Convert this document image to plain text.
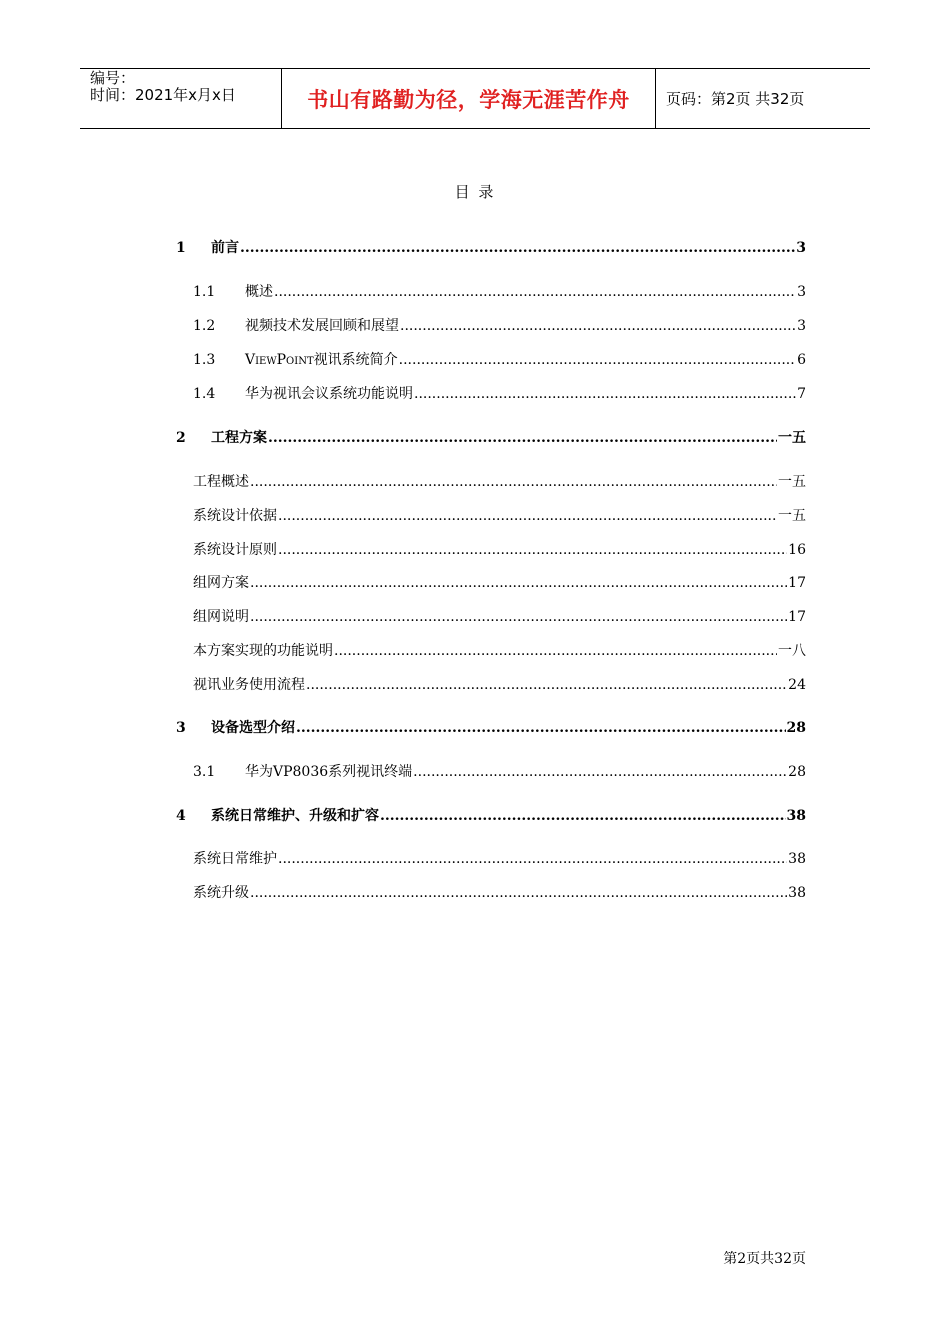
编号：
时间：2021年x月x日	书山有路勤为径，学海无涯苦作舟	页码：第2页 共32页
目 录
1	前言 .....	3
1.1	概述 .....	3
1.2	视频技术发展回顾和展望 .....	3
1.3	ViewPoint视讯系统简介 .....	6
1.4	华为视讯会议系统功能说明 .....	7
2	工程方案 .....	一五
工程概述 .....	一五
系统设计依据 .....	一五
系统设计原则 .....	16
组网方案 .....	17
组网说明 .....	17
本方案实现的功能说明 .....	一八
视讯业务使用流程 .....	24
3	设备选型介绍 .....	28
3.1	华为VP8036系列视讯终端 .....	28
4	系统日常维护、升级和扩容 .....	38
系统日常维护 .....	38
系统升级 .....	38
第2页共32页
